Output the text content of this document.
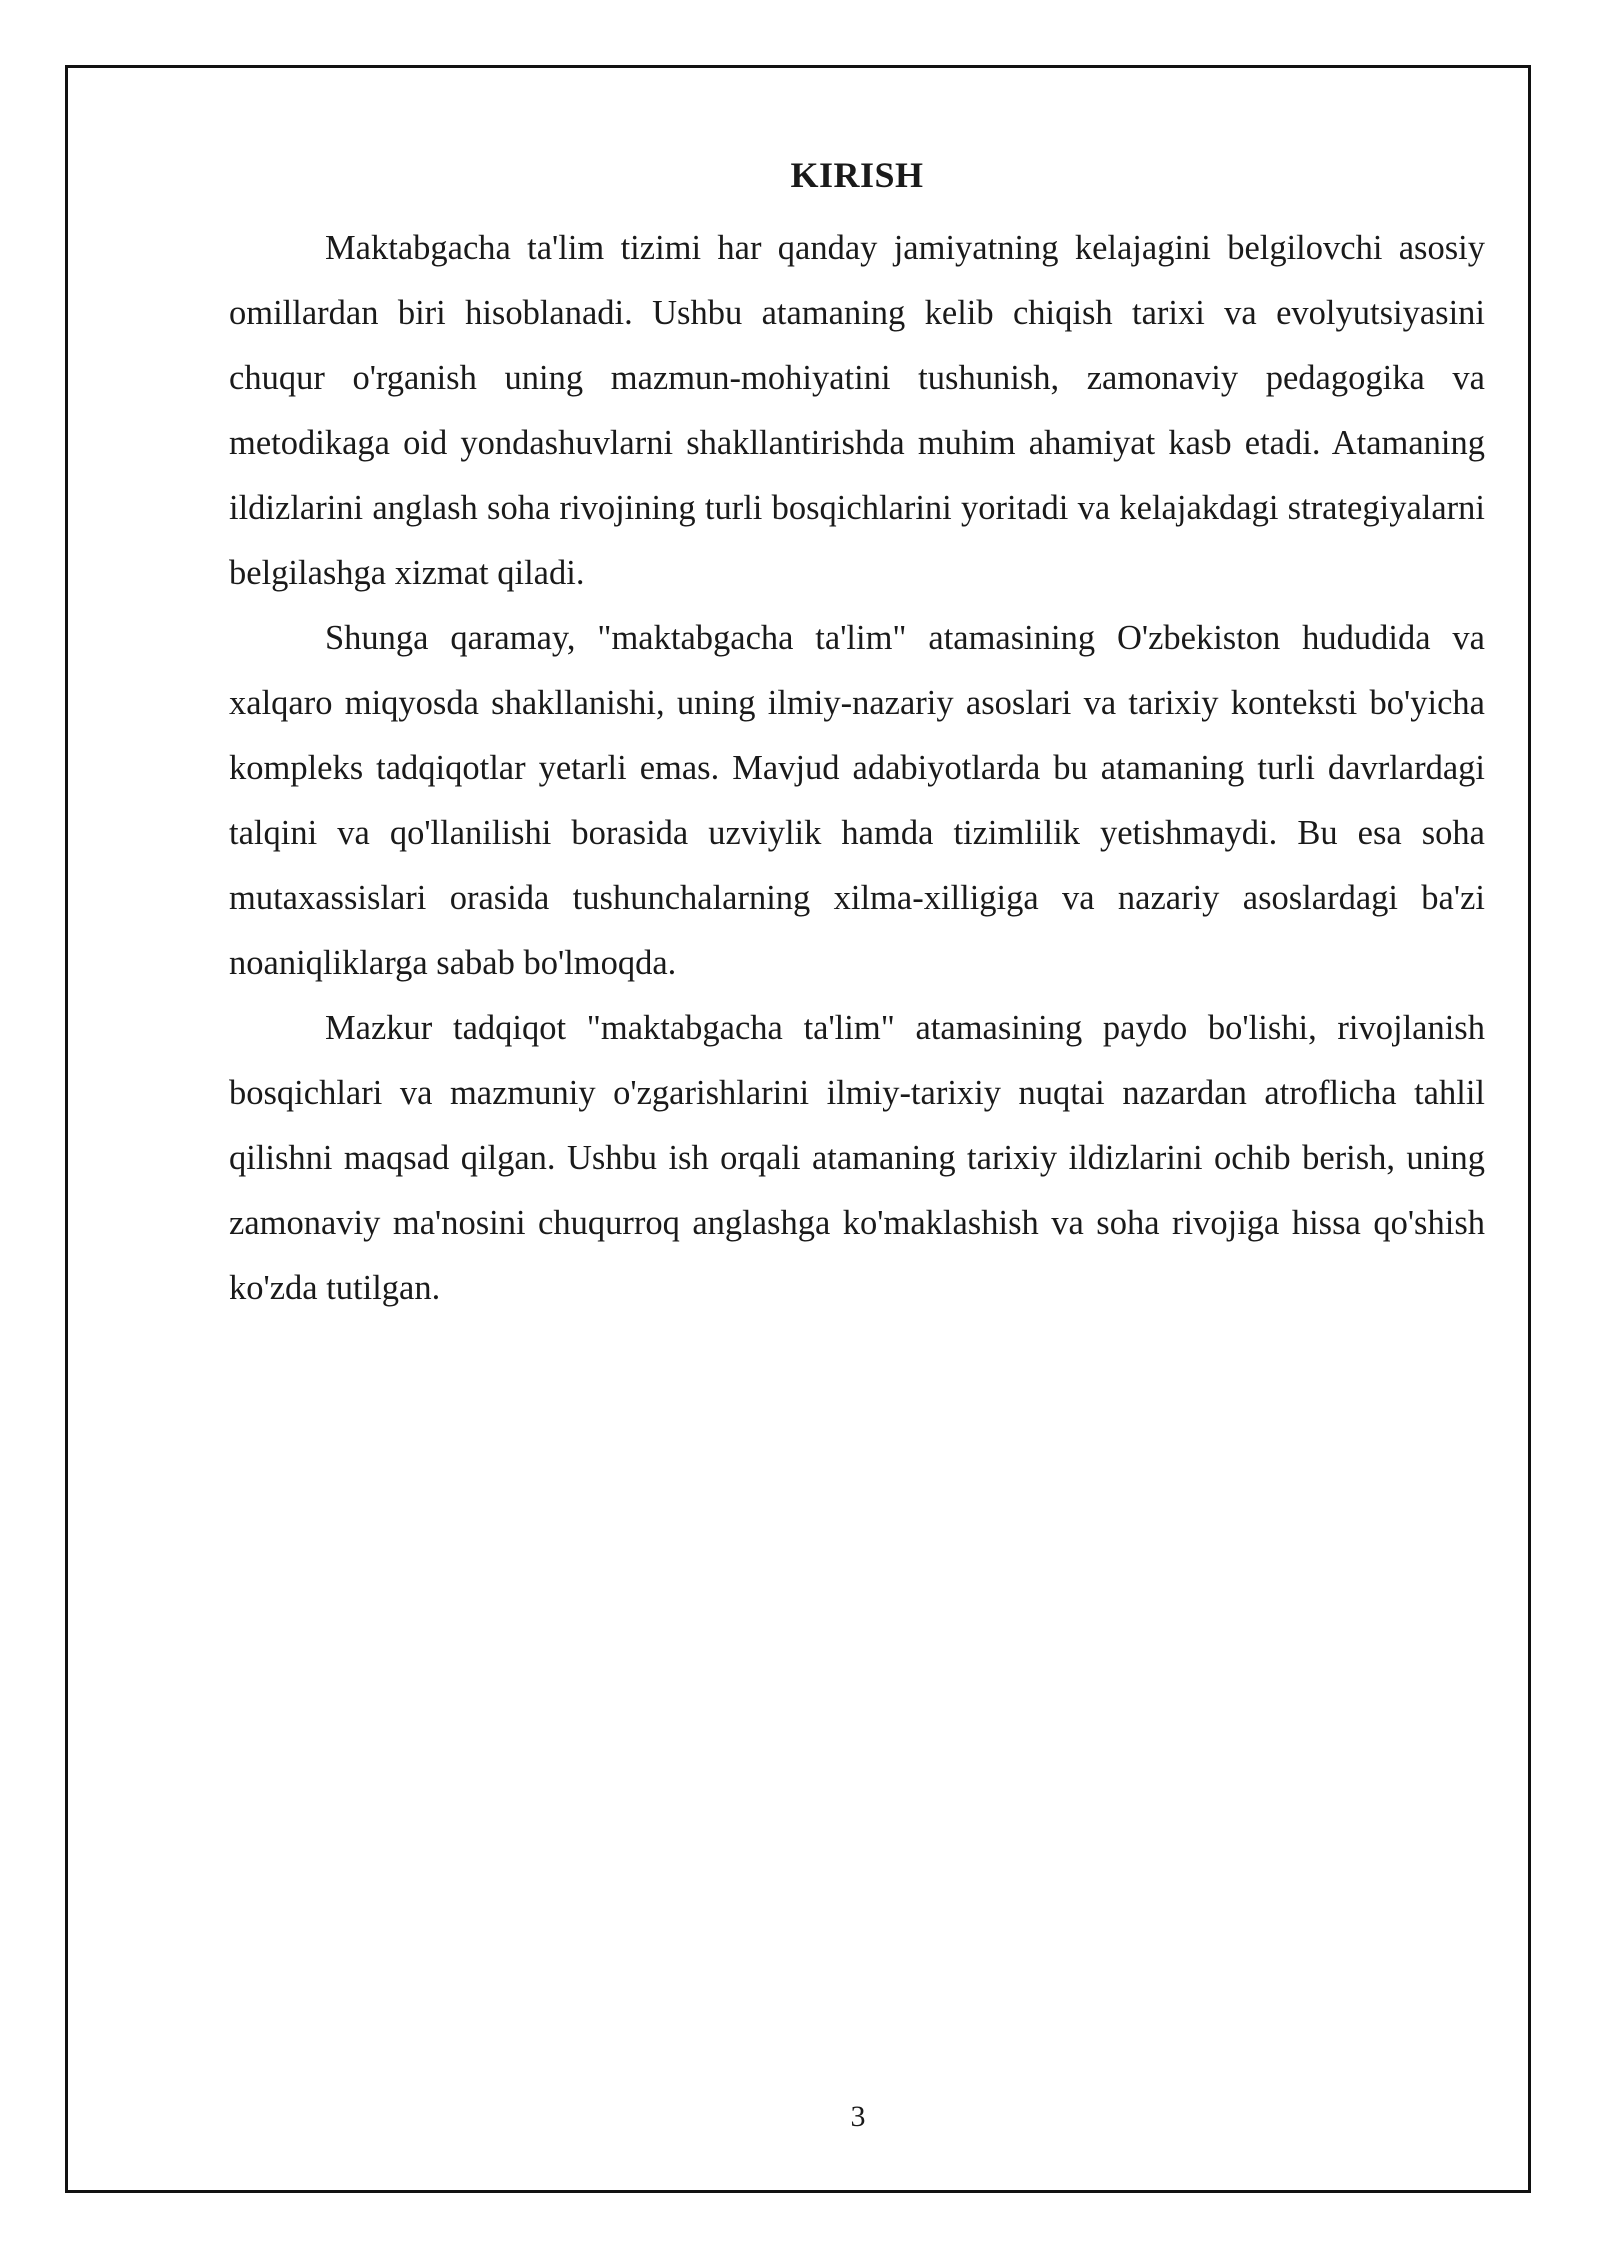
KIRISH

Maktabgacha ta'lim tizimi har qanday jamiyatning kelajagini belgilovchi asosiy omillardan biri hisoblanadi. Ushbu atamaning kelib chiqish tarixi va evolyutsiyasini chuqur o'rganish uning mazmun-mohiyatini tushunish, zamonaviy pedagogika va metodikaga oid yondashuvlarni shakllantirishda muhim ahamiyat kasb etadi. Atamaning ildizlarini anglash soha rivojining turli bosqichlarini yoritadi va kelajakdagi strategiyalarni belgilashga xizmat qiladi.

Shunga qaramay, "maktabgacha ta'lim" atamasining O'zbekiston hududida va xalqaro miqyosda shakllanishi, uning ilmiy-nazariy asoslari va tarixiy konteksti bo'yicha kompleks tadqiqotlar yetarli emas. Mavjud adabiyotlarda bu atamaning turli davrlardagi talqini va qo'llanilishi borasida uzviylik hamda tizimlilik yetishmaydi. Bu esa soha mutaxassislari orasida tushunchalarning xilma-xilligiga va nazariy asoslardagi ba'zi noaniqliklarga sabab bo'lmoqda.

Mazkur tadqiqot "maktabgacha ta'lim" atamasining paydo bo'lishi, rivojlanish bosqichlari va mazmuniy o'zgarishlarini ilmiy-tarixiy nuqtai nazardan atroflicha tahlil qilishni maqsad qilgan. Ushbu ish orqali atamaning tarixiy ildizlarini ochib berish, uning zamonaviy ma'nosini chuqurroq anglashga ko'maklashish va soha rivojiga hissa qo'shish ko'zda tutilgan.

3
